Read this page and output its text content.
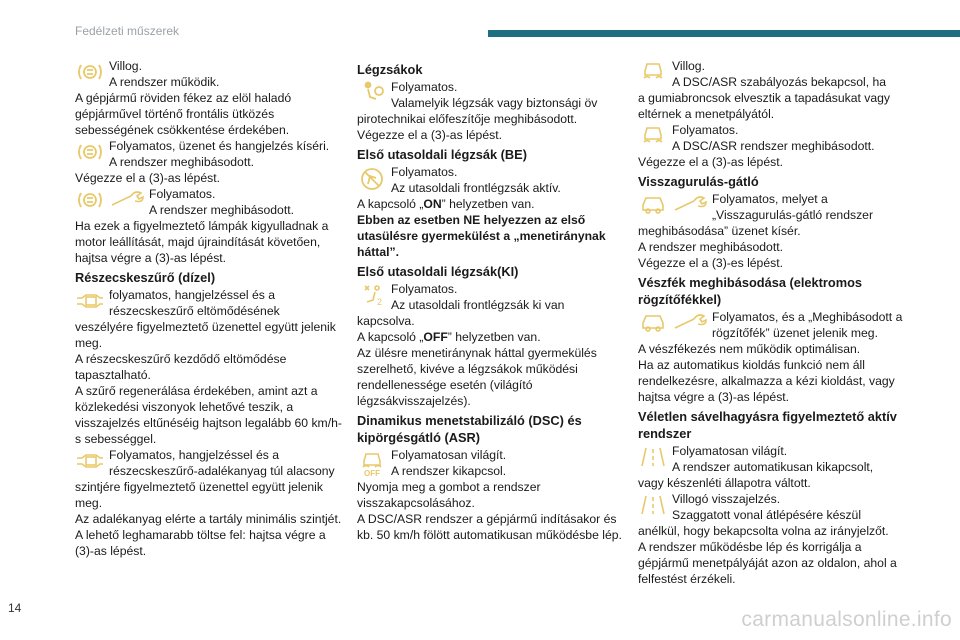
Fedélzeti műszerek
Villog.
A rendszer működik.

A gépjármű röviden fékez az elöl haladó gépjárművel történő frontális ütközés sebességének csökkentése érdekében.

Folyamatos, üzenet és hangjelzés kíséri.
A rendszer meghibásodott.

Végezze el a (3)-as lépést.

Folyamatos.
A rendszer meghibásodott.

Ha ezek a figyelmeztető lámpák kigyulladnak a motor leállítását, majd újraindítását követően, hajtsa végre a (3)-as lépést.

Részecskeszűrő (dízel)
folyamatos, hangjelzéssel és a részecskeszűrő eltömődésének

veszélyére figyelmeztető üzenettel együtt jelenik meg.

A részecskeszűrő kezdődő eltömődése tapasztalható.

A szűrő regenerálása érdekében, amint azt a közlekedési viszonyok lehetővé teszik, a visszajelzés eltűnéséig hajtson legalább 60 km/h-s sebességgel.

Folyamatos, hangjelzéssel és a részecskeszűrő-adalékanyag túl alacsony

szintjére figyelmeztető üzenettel együtt jelenik meg.

Az adalékanyag elérte a tartály minimális szintjét.

A lehető leghamarabb töltse fel: hajtsa végre a (3)-as lépést.

Légzsákok
Folyamatos.
Valamelyik légzsák vagy biztonsági öv

pirotechnikai előfeszítője meghibásodott.

Végezze el a (3)-as lépést.

Első utasoldali légzsák (BE)
Folyamatos.
Az utasoldali frontlégzsák aktív.

A kapcsoló „ON” helyzetben van.

Ebben az esetben NE helyezzen az első utasülésre gyermekülést a „menetiránynak háttal”.

Első utasoldali légzsák(KI)
2
Folyamatos.
Az utasoldali frontlégzsák ki van

kapcsolva.

A kapcsoló „OFF” helyzetben van.

Az ülésre menetiránynak háttal gyermekülés szerelhető, kivéve a légzsákok működési rendellenessége esetén (világító légzsákvisszajelzés).

Dinamikus menetstabilizáló (DSC) és kipörgésgátló (ASR)
OFF
Folyamatosan világít.
A rendszer kikapcsol.

Nyomja meg a gombot a rendszer visszakapcsolásához.

A DSC/ASR rendszer a gépjármű indításakor és kb. 50 km/h fölött automatikusan működésbe lép.

Villog.
A DSC/ASR szabályozás bekapcsol, ha

a gumiabroncsok elvesztik a tapadásukat vagy eltérnek a menetpályától.

Folyamatos.
A DSC/ASR rendszer meghibásodott.

Végezze el a (3)-as lépést.

Visszagurulás-gátló
Folyamatos, melyet a „Visszagurulás-gátló rendszer

meghibásodása” üzenet kísér.

A rendszer meghibásodott.

Végezze el a (3)-es lépést.

Vészfék meghibásodása (elektromos rögzítőfékkel)
Folyamatos, és a „Meghibásodott a rögzítőfék” üzenet jelenik meg.

A vészfékezés nem működik optimálisan.

Ha az automatikus kioldás funkció nem áll rendelkezésre, alkalmazza a kézi kioldást, vagy hajtsa végre a (3)-as lépést.

Véletlen sávelhagyásra figyelmeztető aktív rendszer
Folyamatosan világít.
A rendszer automatikusan kikapcsolt,

vagy készenléti állapotra váltott.

Villogó visszajelzés.
Szaggatott vonal átlépésére készül

anélkül, hogy bekapcsolta volna az irányjelzőt.

A rendszer működésbe lép és korrigálja a gépjármű menetpályáját azon az oldalon, ahol a felfestést érzékeli.

14	carmanualsonline.info
